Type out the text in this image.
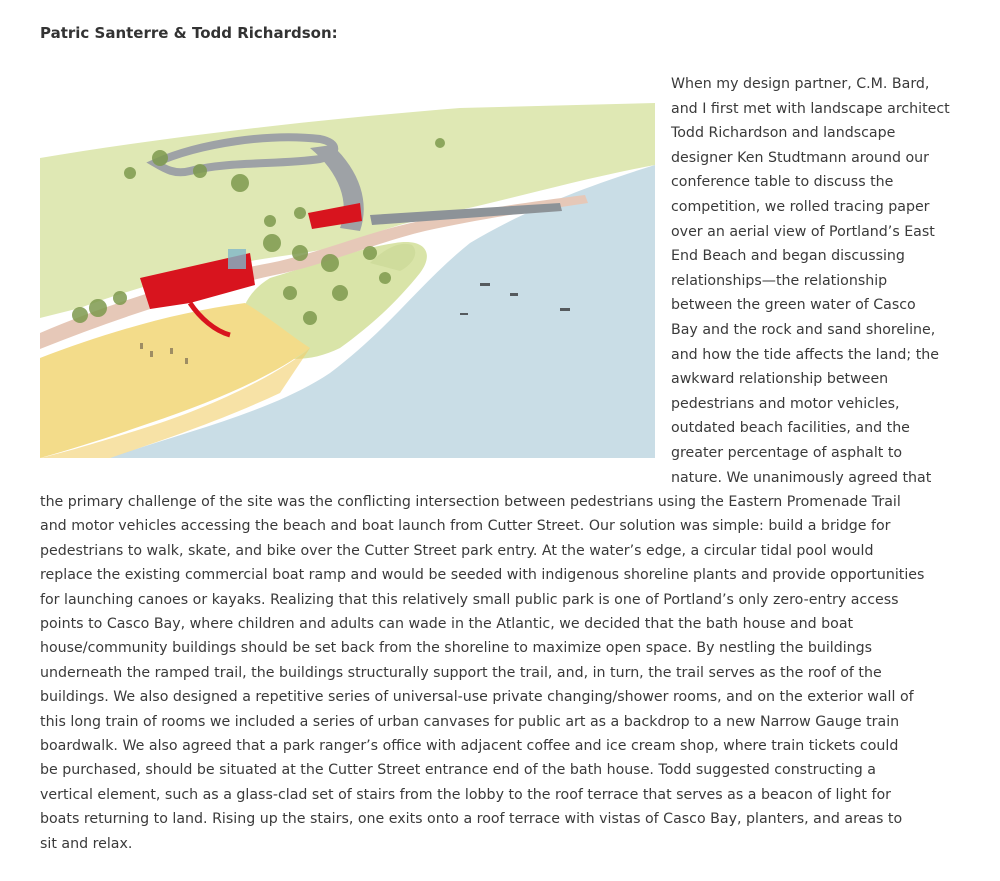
Patric Santerre & Todd Richardson:
When my design partner, C.M. Bard,
and I first met with landscape architect
Todd Richardson and landscape
designer Ken Studtmann around our
conference table to discuss the
competition, we rolled tracing paper
over an aerial view of Portland’s East
End Beach and began discussing
relationships—the relationship
between the green water of Casco
Bay and the rock and sand shoreline,
and how the tide affects the land; the
awkward relationship between
pedestrians and motor vehicles,
outdated beach facilities, and the
greater percentage of asphalt to
nature. We unanimously agreed that
the primary challenge of the site was the conflicting intersection between pedestrians using the Eastern Promenade Trail
and motor vehicles accessing the beach and boat launch from Cutter Street. Our solution was simple: build a bridge for
pedestrians to walk, skate, and bike over the Cutter Street park entry. At the water’s edge, a circular tidal pool would
replace the existing commercial boat ramp and would be seeded with indigenous shoreline plants and provide opportunities
for launching canoes or kayaks. Realizing that this relatively small public park is one of Portland’s only zero-entry access
points to Casco Bay, where children and adults can wade in the Atlantic, we decided that the bath house and boat
house/community buildings should be set back from the shoreline to maximize open space. By nestling the buildings
underneath the ramped trail, the buildings structurally support the trail, and, in turn, the trail serves as the roof of the
buildings. We also designed a repetitive series of universal-use private changing/shower rooms, and on the exterior wall of
this long train of rooms we included a series of urban canvases for public art as a backdrop to a new Narrow Gauge train
boardwalk. We also agreed that a park ranger’s office with adjacent coffee and ice cream shop, where train tickets could
be purchased, should be situated at the Cutter Street entrance end of the bath house. Todd suggested constructing a
vertical element, such as a glass-clad set of stairs from the lobby to the roof terrace that serves as a beacon of light for
boats returning to land. Rising up the stairs, one exits onto a roof terrace with vistas of Casco Bay, planters, and areas to
sit and relax.
